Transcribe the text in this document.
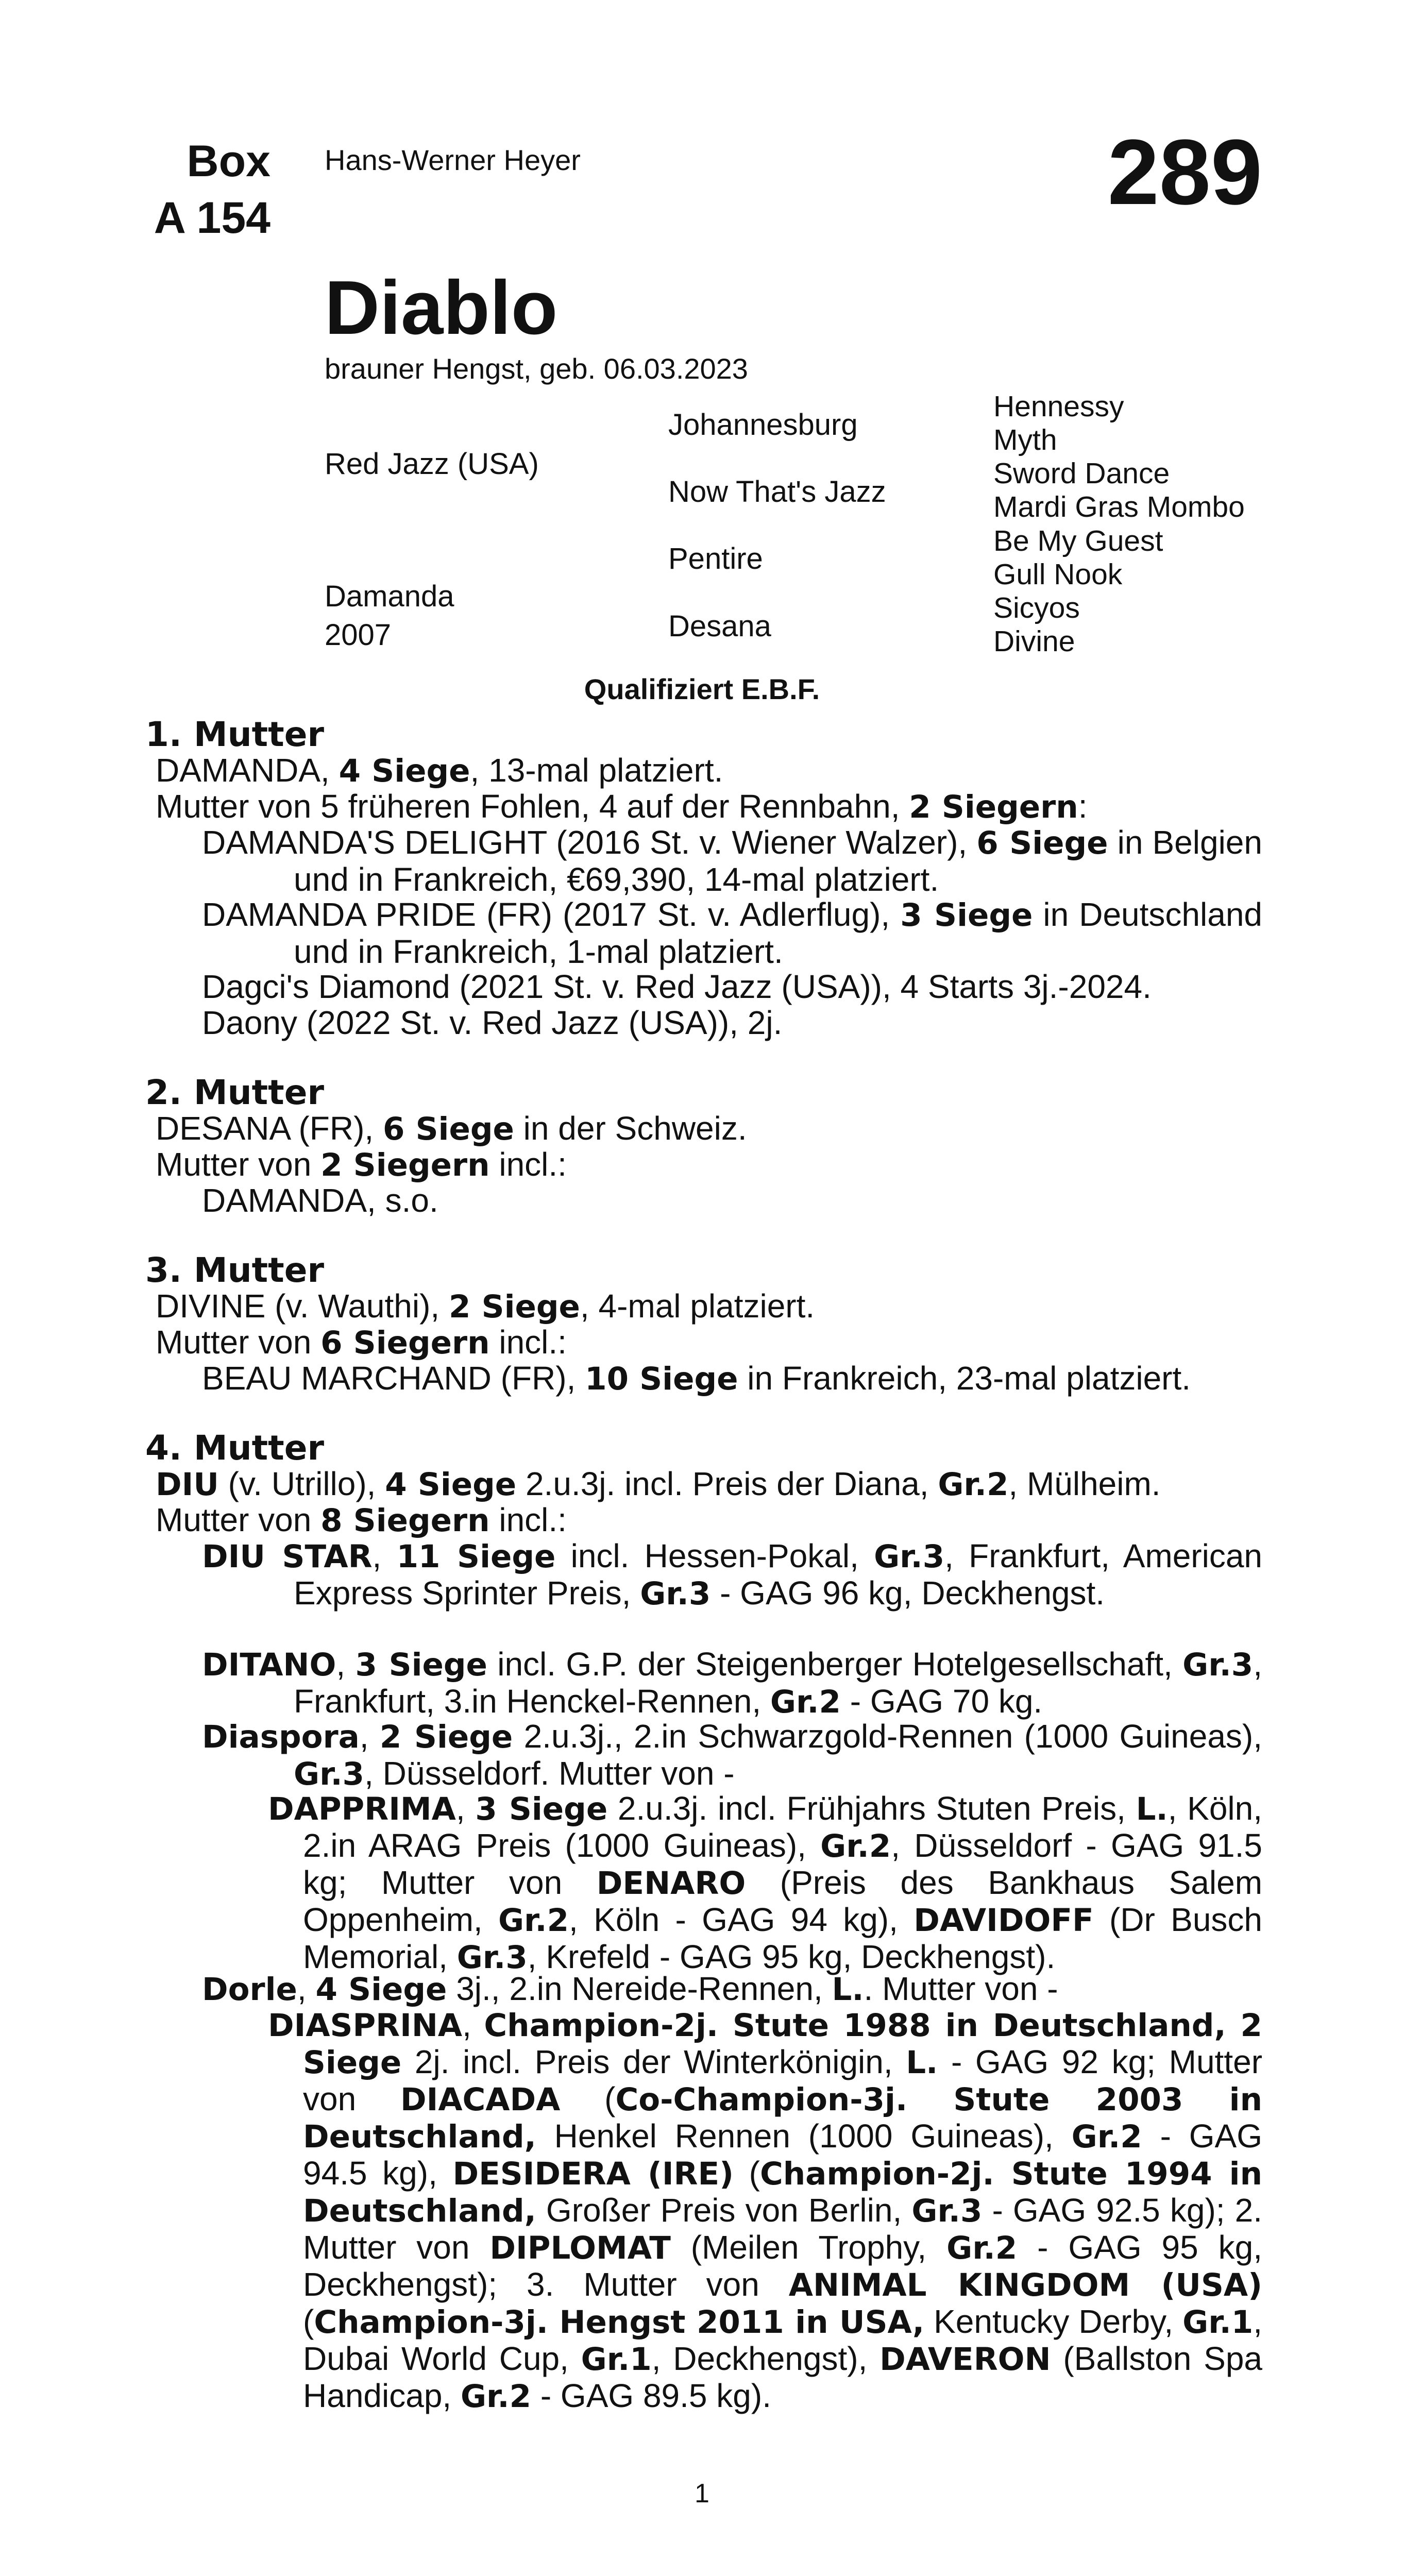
Box
A 154
Hans-Werner Heyer	289
Diablo
brauner Hengst, geb. 06.03.2023
Red Jazz (USA)
Damanda
2007
Johannesburg
Now That's Jazz
Pentire
Desana
Hennessy
Myth
Sword Dance
Mardi Gras Mombo
Be My Guest
Gull Nook
Sicyos
Divine
Qualifiziert E.B.F.
1. Mutter
DAMANDA, 4 Siege, 13-mal platziert.
Mutter von 5 früheren Fohlen, 4 auf der Rennbahn, 2 Siegern:
DAMANDA'S DELIGHT (2016 St. v. Wiener Walzer), 6 Siege in Belgien und in Frankreich, €69,390, 14-mal platziert.
DAMANDA PRIDE (FR) (2017 St. v. Adlerflug), 3 Siege in Deutschland und in Frankreich, 1-mal platziert.
Dagci's Diamond (2021 St. v. Red Jazz (USA)), 4 Starts 3j.-2024.
Daony (2022 St. v. Red Jazz (USA)), 2j.
2. Mutter
DESANA (FR), 6 Siege in der Schweiz.
Mutter von 2 Siegern incl.:
DAMANDA, s.o.
3. Mutter
DIVINE (v. Wauthi), 2 Siege, 4-mal platziert.
Mutter von 6 Siegern incl.:
BEAU MARCHAND (FR), 10 Siege in Frankreich, 23-mal platziert.
4. Mutter
DIU (v. Utrillo), 4 Siege 2.u.3j. incl. Preis der Diana, Gr.2, Mülheim.
Mutter von 8 Siegern incl.:
DIU STAR, 11 Siege incl. Hessen-Pokal, Gr.3, Frankfurt, American Express Sprinter Preis, Gr.3 - GAG 96 kg, Deckhengst.
DITANO, 3 Siege incl. G.P. der Steigenberger Hotelgesellschaft, Gr.3, Frankfurt, 3.in Henckel-Rennen, Gr.2 - GAG 70 kg.
Diaspora, 2 Siege 2.u.3j., 2.in Schwarzgold-Rennen (1000 Guineas), Gr.3, Düsseldorf. Mutter von -
DAPPRIMA, 3 Siege 2.u.3j. incl. Frühjahrs Stuten Preis, L., Köln, 2.in ARAG Preis (1000 Guineas), Gr.2, Düsseldorf - GAG 91.5 kg; Mutter von DENARO (Preis des Bankhaus Salem Oppenheim, Gr.2, Köln - GAG 94 kg), DAVIDOFF (Dr Busch Memorial, Gr.3, Krefeld - GAG 95 kg, Deckhengst).
Dorle, 4 Siege 3j., 2.in Nereide-Rennen, L.. Mutter von -
DIASPRINA, Champion-2j. Stute 1988 in Deutschland, 2 Siege 2j. incl. Preis der Winterkönigin, L. - GAG 92 kg; Mutter von DIACADA (Co-Champion-3j. Stute 2003 in Deutschland, Henkel Rennen (1000 Guineas), Gr.2 - GAG 94.5 kg), DESIDERA (IRE) (Champion-2j. Stute 1994 in Deutschland, Großer Preis von Berlin, Gr.3 - GAG 92.5 kg); 2. Mutter von DIPLOMAT (Meilen Trophy, Gr.2 - GAG 95 kg, Deckhengst); 3. Mutter von ANIMAL KINGDOM (USA) (Champion-3j. Hengst 2011 in USA, Kentucky Derby, Gr.1, Dubai World Cup, Gr.1, Deckhengst), DAVERON (Ballston Spa Handicap, Gr.2 - GAG 89.5 kg).
1
